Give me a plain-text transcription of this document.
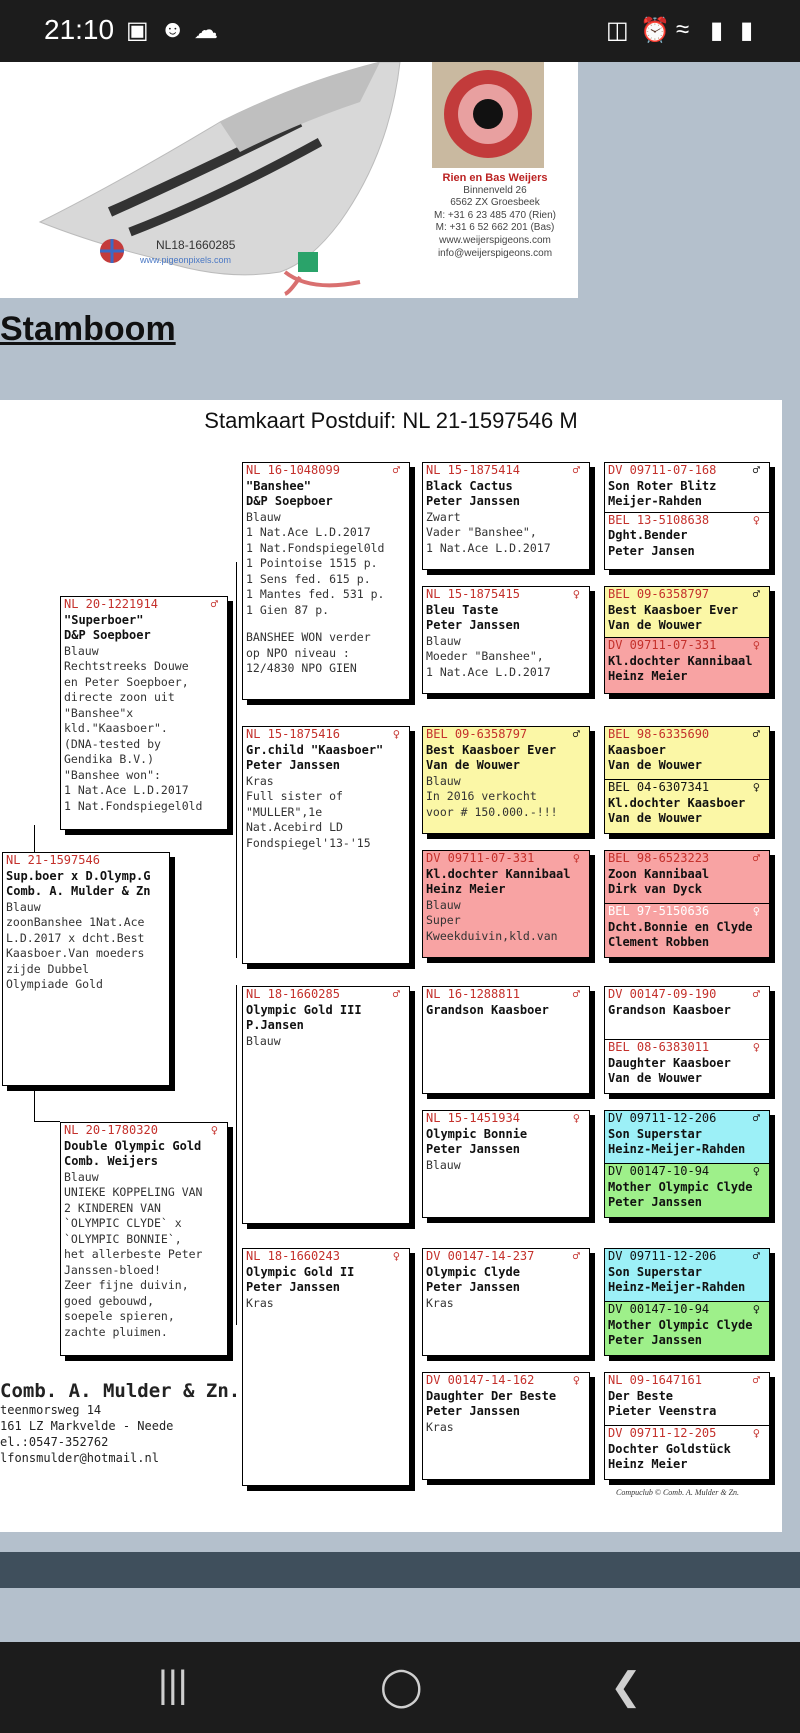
21:10 ▣ ☻ ☁	◫ ⏰ ≈ ▮ ▮
NL18-1660285
www.pigeonpixels.com
Rien en Bas Weijers
Binnenveld 26
6562 ZX Groesbeek
M: +31 6 23 485 470 (Rien)
M: +31 6 52 662 201 (Bas)
www.weijerspigeons.com
info@weijerspigeons.com
Stamboom
Stamkaart Postduif: NL 21-1597546 M
NL 21-1597546
Sup.boer x D.Olymp.G
Comb. A. Mulder & Zn
Blauw
zoonBanshee 1Nat.Ace
L.D.2017 x dcht.Best
Kaasboer.Van moeders
zijde Dubbel
Olympiade Gold
NL 20-1221914	♂
"Superboer"
D&P Soepboer
Blauw
Rechtstreeks Douwe
en Peter Soepboer,
directe zoon uit
"Banshee"x
kld."Kaasboer".
(DNA-tested by
Gendika B.V.)
"Banshee won":
1 Nat.Ace L.D.2017
1 Nat.Fondspiegel0ld
NL 20-1780320	♀
Double Olympic Gold
Comb. Weijers
Blauw
UNIEKE KOPPELING VAN
2 KINDEREN VAN
`OLYMPIC CLYDE` x
`OLYMPIC BONNIE`,
het allerbeste Peter
Janssen-bloed!
Zeer fijne duivin,
goed gebouwd,
soepele spieren,
zachte pluimen.
NL 16-1048099	♂
"Banshee"
D&P Soepboer
Blauw
1 Nat.Ace L.D.2017
1 Nat.Fondspiegel0ld
1 Pointoise 1515 p.
1 Sens fed. 615 p.
1 Mantes fed. 531 p.
1 Gien 87 p.
BANSHEE WON verder
op NPO niveau :
12/4830 NPO GIEN
NL 15-1875416	♀
Gr.child "Kaasboer"
Peter Janssen
Kras
Full sister of
"MULLER",1e
Nat.Acebird LD
Fondspiegel'13-'15
NL 18-1660285	♂
Olympic Gold III
P.Jansen
Blauw
NL 18-1660243	♀
Olympic Gold II
Peter Janssen
Kras
NL 15-1875414	♂
Black Cactus
Peter Janssen
Zwart
Vader "Banshee",
1 Nat.Ace L.D.2017
NL 15-1875415	♀
Bleu Taste
Peter Janssen
Blauw
Moeder "Banshee",
1 Nat.Ace L.D.2017
BEL 09-6358797	♂
Best Kaasboer Ever
Van de Wouwer
Blauw
In 2016 verkocht
voor # 150.000.-!!!
DV 09711-07-331	♀
Kl.dochter Kannibaal
Heinz Meier
Blauw
Super
Kweekduivin,kld.van
NL 16-1288811	♂
Grandson Kaasboer
NL 15-1451934	♀
Olympic Bonnie
Peter Janssen
Blauw
DV 00147-14-237	♂
Olympic Clyde
Peter Janssen
Kras
DV 00147-14-162	♀
Daughter Der Beste
Peter Janssen
Kras
DV 09711-07-168	♂
Son Roter Blitz
Meijer-Rahden
BEL 13-5108638	♀
Dght.Bender
Peter Jansen
BEL 09-6358797	♂
Best Kaasboer Ever
Van de Wouwer
DV 09711-07-331	♀
Kl.dochter Kannibaal
Heinz Meier
BEL 98-6335690	♂
Kaasboer
Van de Wouwer
BEL 04-6307341	♀
Kl.dochter Kaasboer
Van de Wouwer
BEL 98-6523223	♂
Zoon Kannibaal
Dirk van Dyck
BEL 97-5150636	♀
Dcht.Bonnie en Clyde
Clement Robben
DV 00147-09-190	♂
Grandson Kaasboer
BEL 08-6383011	♀
Daughter Kaasboer
Van de Wouwer
DV 09711-12-206	♂
Son Superstar
Heinz-Meijer-Rahden
DV 00147-10-94	♀
Mother Olympic Clyde
Peter Janssen
DV 09711-12-206	♂
Son Superstar
Heinz-Meijer-Rahden
DV 00147-10-94	♀
Mother Olympic Clyde
Peter Janssen
NL 09-1647161	♂
Der Beste
Pieter Veenstra
DV 09711-12-205	♀
Dochter Goldstück
Heinz Meier
Comb. A. Mulder & Zn.
teenmorsweg 14
161 LZ Markvelde - Neede
el.:0547-352762
lfonsmulder@hotmail.nl
Compuclub © Comb. A. Mulder & Zn.
|||	◯	❮
